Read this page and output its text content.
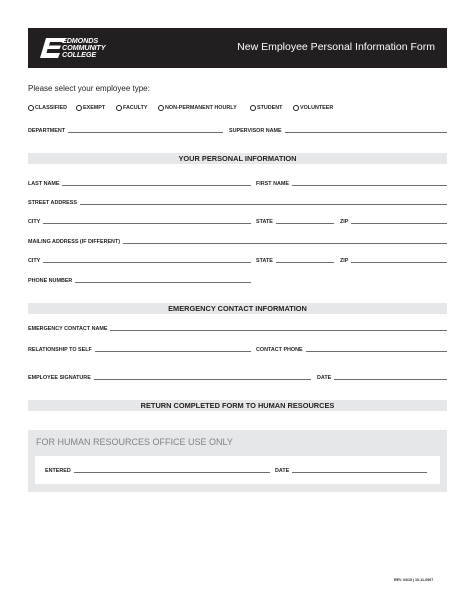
EDMONDS
COMMUNITY
COLLEGE
New Employee Personal Information Form
Please select your employee type:
CLASSIFIED	EXEMPT	FACULTY	NON-PERMANENT HOURLY	STUDENT	VOLUNTEER
DEPARTMENT	SUPERVISOR NAME
YOUR PERSONAL INFORMATION
LAST NAME	FIRST NAME
STREET ADDRESS
CITY	STATE	ZIP
MAILING ADDRESS (IF DIFFERENT)
CITY	STATE	ZIP
PHONE NUMBER
EMERGENCY CONTACT INFORMATION
EMERGENCY CONTACT NAME
RELATIONSHIP TO SELF	CONTACT PHONE
EMPLOYEE SIGNATURE	DATE
RETURN COMPLETED FORM TO HUMAN RESOURCES
FOR HUMAN RESOURCES OFFICE USE ONLY
ENTERED	DATE
REV. 03/15 | 10-11-0907
